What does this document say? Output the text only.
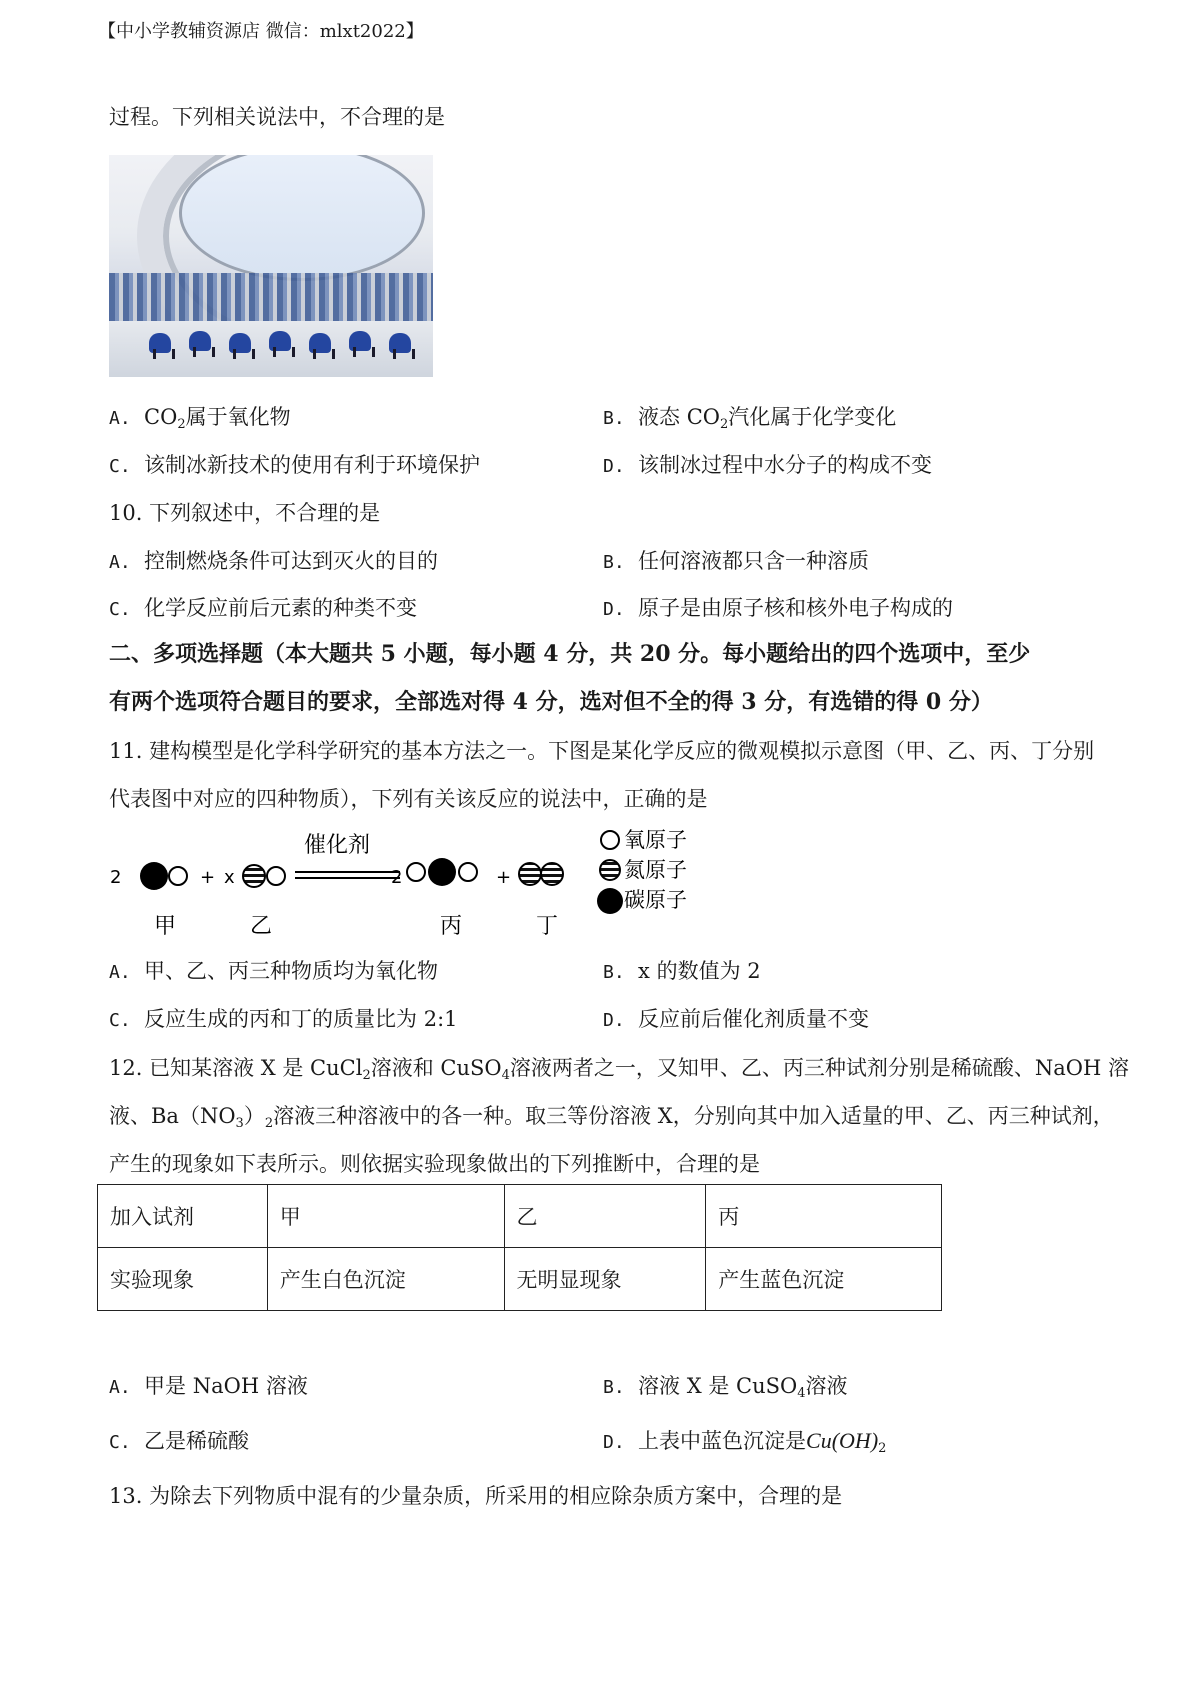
【中小学教辅资源店 微信：mlxt2022】
过程。下列相关说法中，不合理的是
A. $CO_2$属于氧化物	B. 液态 $CO_2$汽化属于化学变化
C. 该制冰新技术的使用有利于环境保护	D. 该制冰过程中水分子的构成不变
10. 下列叙述中，不合理的是
A. 控制燃烧条件可达到灭火的目的	B. 任何溶液都只含一种溶质
C. 化学反应前后元素的种类不变	D. 原子是由原子核和核外电子构成的
二、多项选择题（本大题共 5 小题，每小题 4 分，共 20 分。每小题给出的四个选项中，至少
有两个选项符合题目的要求，全部选对得 4 分，选对但不全的得 3 分，有选错的得 0 分）
11. 建构模型是化学科学研究的基本方法之一。下图是某化学反应的微观模拟示意图（甲、乙、丙、丁分别
代表图中对应的四种物质），下列有关该反应的说法中，正确的是
2	+ x
催化剂
2	+
甲	乙	丙	丁
氧原子
氮原子
碳原子
A. 甲、乙、丙三种物质均为氧化物	B. x 的数值为 2
C. 反应生成的丙和丁的质量比为 2:1	D. 反应前后催化剂质量不变
12. 已知某溶液 X 是 CuCl$_2$溶液和 CuSO$_4$溶液两者之一，又知甲、乙、丙三种试剂分别是稀硫酸、NaOH 溶
液、$Ba(NO_3)_2$溶液三种溶液中的各一种。取三等份溶液 X，分别向其中加入适量的甲、乙、丙三种试剂，
产生的现象如下表所示。则依据实验现象做出的下列推断中，合理的是
加入试剂	甲	乙	丙
实验现象	产生白色沉淀	无明显现象	产生蓝色沉淀
A. 甲是 NaOH 溶液	B. 溶液 X 是 CuSO$_4$溶液
C. 乙是稀硫酸	D. 上表中蓝色沉淀是$Cu(OH)_2$
13. 为除去下列物质中混有的少量杂质，所采用的相应除杂质方案中，合理的是
